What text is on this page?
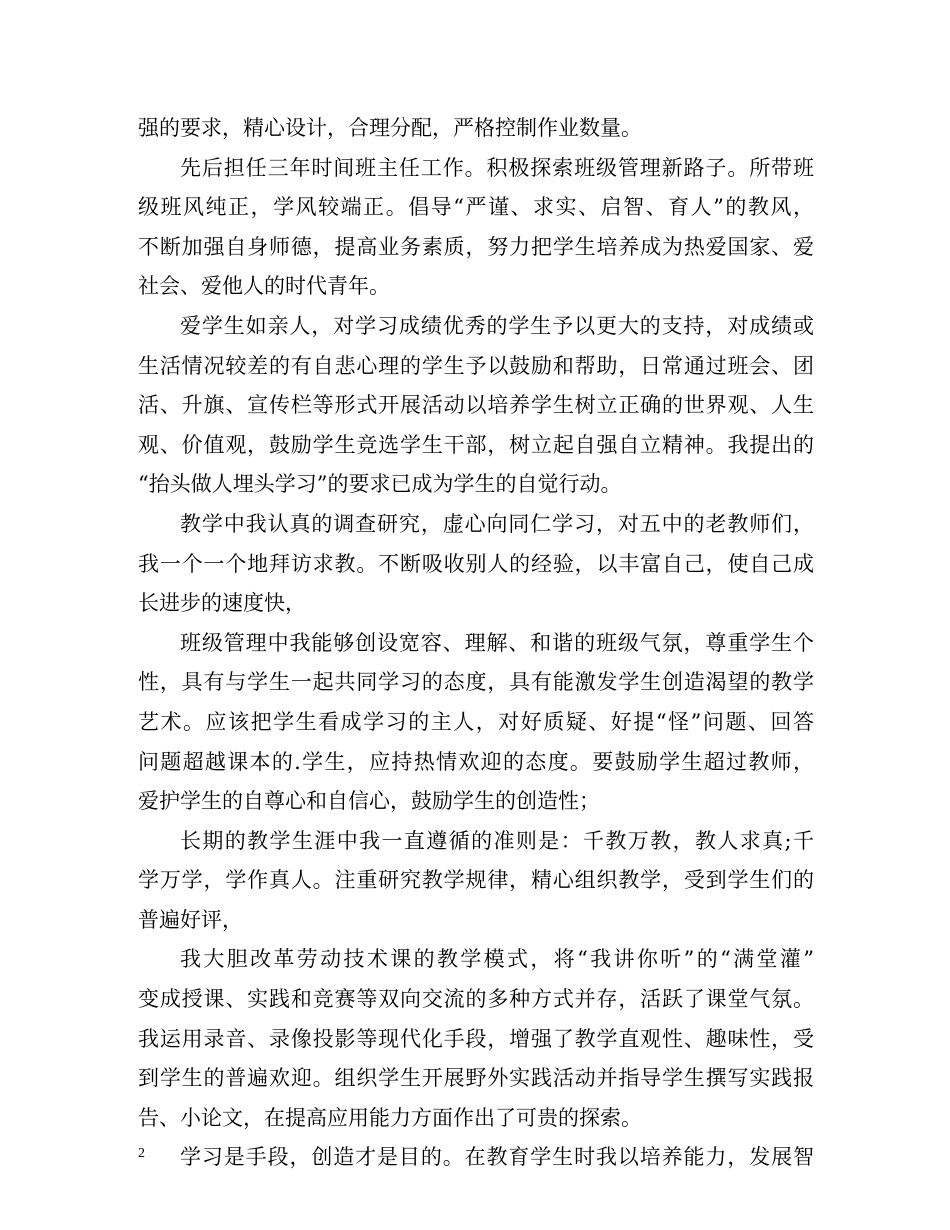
强的要求，精心设计，合理分配，严格控制作业数量。
先后担任三年时间班主任工作。积极探索班级管理新路子。所带班
级班风纯正，学风较端正。倡导“严谨、求实、启智、育人”的教风，
不断加强自身师德，提高业务素质，努力把学生培养成为热爱国家、爱
社会、爱他人的时代青年。
爱学生如亲人，对学习成绩优秀的学生予以更大的支持，对成绩或
生活情况较差的有自悲心理的学生予以鼓励和帮助，日常通过班会、团
活、升旗、宣传栏等形式开展活动以培养学生树立正确的世界观、人生
观、价值观，鼓励学生竞选学生干部，树立起自强自立精神。我提出的
“抬头做人埋头学习”的要求已成为学生的自觉行动。
教学中我认真的调查研究，虚心向同仁学习，对五中的老教师们，
我一个一个地拜访求教。不断吸收别人的经验，以丰富自己，使自己成
长进步的速度快，
班级管理中我能够创设宽容、理解、和谐的班级气氛，尊重学生个
性，具有与学生一起共同学习的态度，具有能激发学生创造渴望的教学
艺术。应该把学生看成学习的主人，对好质疑、好提“怪”问题、回答
问题超越课本的.学生，应持热情欢迎的态度。要鼓励学生超过教师，
爱护学生的自尊心和自信心，鼓励学生的创造性；
长期的教学生涯中我一直遵循的准则是：千教万教，教人求真;千
学万学，学作真人。注重研究教学规律，精心组织教学，受到学生们的
普遍好评，
我大胆改革劳动技术课的教学模式，将“我讲你听”的“满堂灌”
变成授课、实践和竞赛等双向交流的多种方式并存，活跃了课堂气氛。
我运用录音、录像投影等现代化手段，增强了教学直观性、趣味性，受
到学生的普遍欢迎。组织学生开展野外实践活动并指导学生撰写实践报
告、小论文，在提高应用能力方面作出了可贵的探索。
学习是手段，创造才是目的。在教育学生时我以培养能力，发展智
2
